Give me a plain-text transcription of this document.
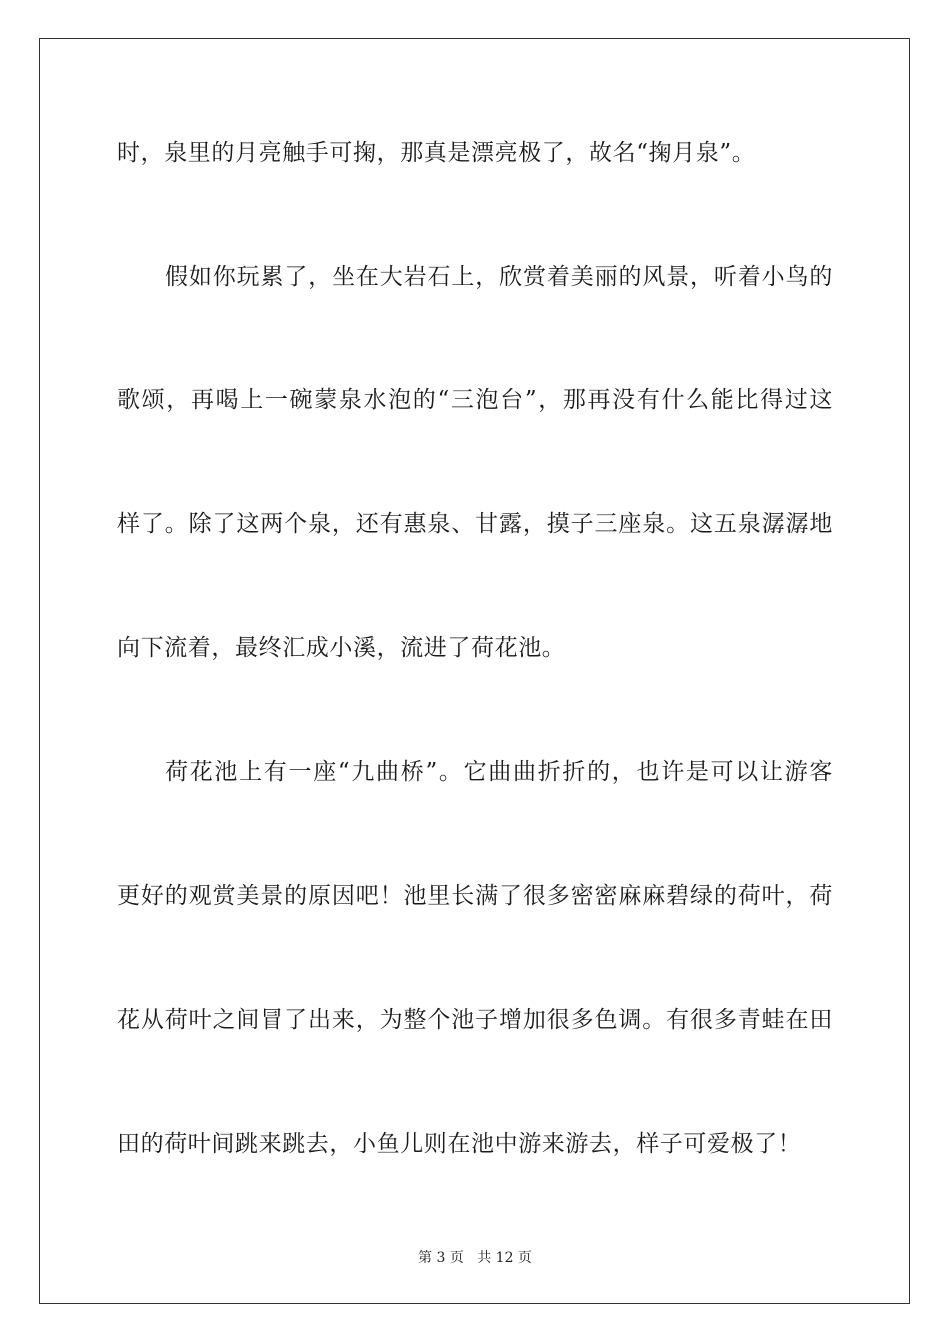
时，泉里的月亮触手可掬，那真是漂亮极了，故名“掬月泉”。
假如你玩累了，坐在大岩石上，欣赏着美丽的风景，听着小鸟的
歌颂，再喝上一碗蒙泉水泡的“三泡台”，那再没有什么能比得过这
样了。除了这两个泉，还有惠泉、甘露，摸子三座泉。这五泉潺潺地
向下流着，最终汇成小溪，流进了荷花池。
荷花池上有一座“九曲桥”。它曲曲折折的，也许是可以让游客
更好的观赏美景的原因吧！池里长满了很多密密麻麻碧绿的荷叶，荷
花从荷叶之间冒了出来，为整个池子增加很多色调。有很多青蛙在田
田的荷叶间跳来跳去，小鱼儿则在池中游来游去，样子可爱极了！
第 3 页 共 12 页
